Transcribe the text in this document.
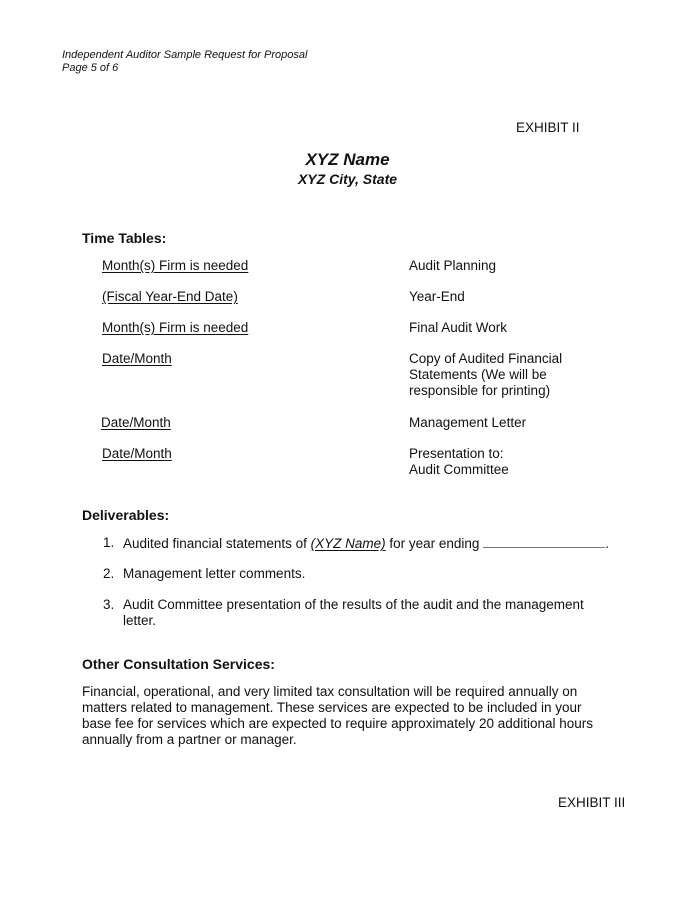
Independent Auditor Sample Request for Proposal
Page 5 of 6
EXHIBIT II
XYZ Name
XYZ City, State
Time Tables:
Month(s) Firm is needed	Audit Planning
(Fiscal Year-End Date)	Year-End
Month(s) Firm is needed	Final Audit Work
Date/Month	Copy of Audited Financial
Statements (We will be
responsible for printing)
Date/Month	Management Letter
Date/Month	Presentation to:
Audit Committee
Deliverables:
1. Audited financial statements of (XYZ Name) for year ending	.
2. Management letter comments.
3. Audit Committee presentation of the results of the audit and the management
letter.
Other Consultation Services:
Financial, operational, and very limited tax consultation will be required annually on
matters related to management. These services are expected to be included in your
base fee for services which are expected to require approximately 20 additional hours
annually from a partner or manager.
EXHIBIT III
